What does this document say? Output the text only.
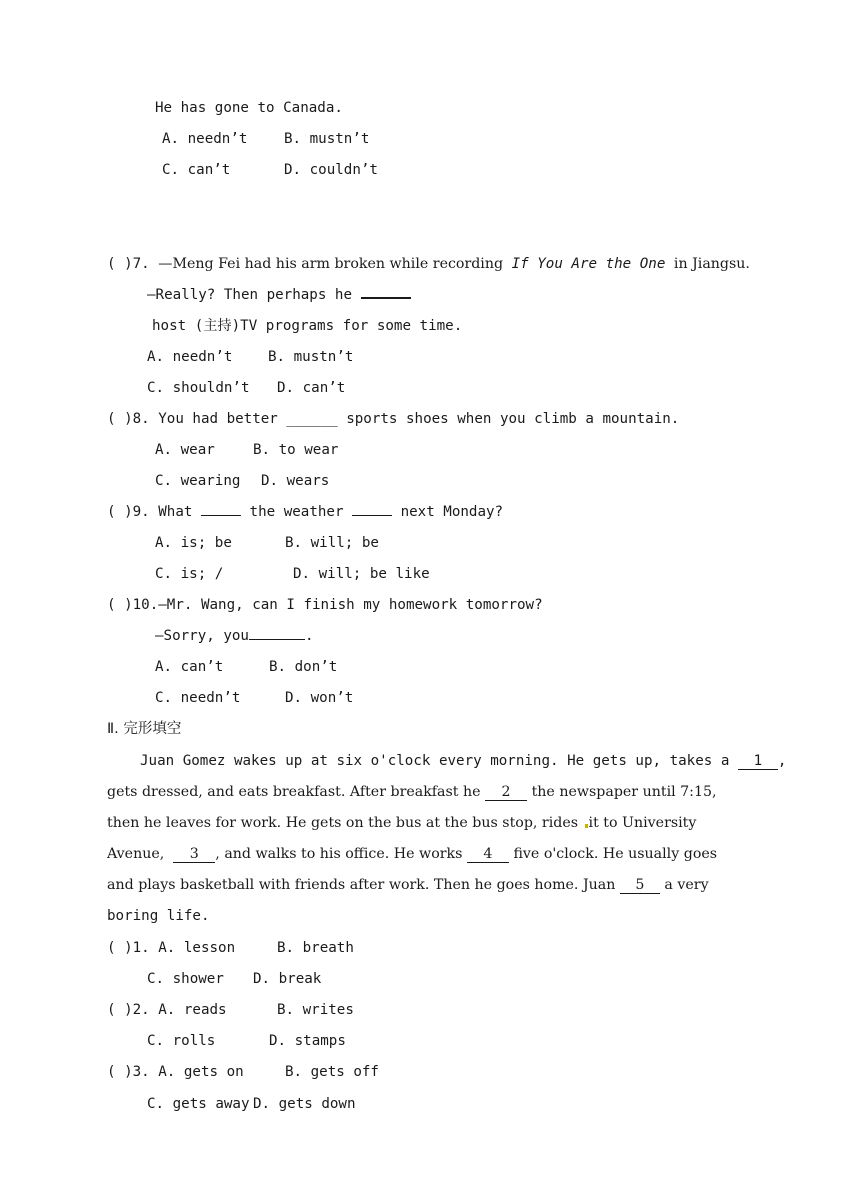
He has gone to Canada.
A. needn’t	B. mustn’t
C. can’t	D. couldn’t
( )7. —Meng Fei had his arm broken while recording If You Are the One in Jiangsu.
—Really? Then perhaps he
host (主持)TV programs for some time.
A. needn’t	B. mustn’t
C. shouldn’t D. can’t
( )8. You had better ______ sports shoes when you climb a mountain.
A. wear	B. to wear
C. wearing D. wears
( )9. What	the weather	next Monday?
A. is; be	B. will; be
C. is; /	D. will; be like
( )10.—Mr. Wang, can I finish my homework tomorrow?
—Sorry, you	.
A. can’t	B. don’t
C. needn’t	D. won’t
Ⅱ. 完形填空
Juan Gomez wakes up at six o'clock every morning. He gets up, takes a 1 ,
gets dressed, and eats breakfast. After breakfast he 2 the newspaper until 7:15,
then he leaves for work. He gets on the bus at the bus stop, rides it to University
Avenue, 3 , and walks to his office. He works 4 five o'clock. He usually goes
and plays basketball with friends after work. Then he goes home. Juan 5 a very
boring life.
( )1. A. lesson	B. breath
C. shower D. break
( )2. A. reads	B. writes
C. rolls	D. stamps
( )3. A. gets on	B. gets off
C. gets away D. gets down
